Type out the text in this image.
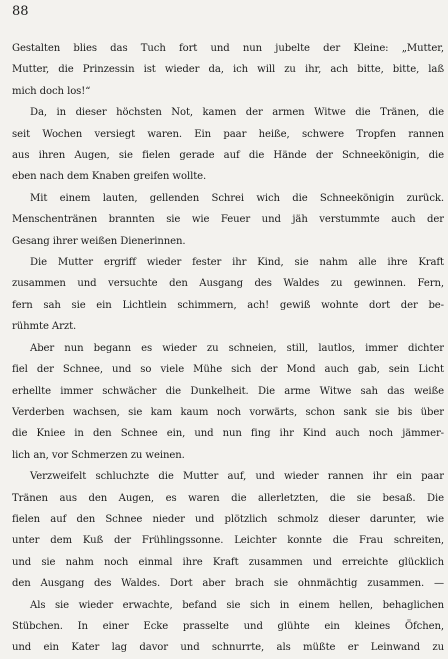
88
Gestalten blies das Tuch fort und nun jubelte der Kleine: „Mutter,
Mutter, die Prinzessin ist wieder da, ich will zu ihr, ach bitte, bitte, laß
mich doch los!“
Da, in dieser höchsten Not, kamen der armen Witwe die Tränen, die
seit Wochen versiegt waren. Ein paar heiße, schwere Tropfen rannen
aus ihren Augen, sie fielen gerade auf die Hände der Schneekönigin, die
eben nach dem Knaben greifen wollte.
Mit einem lauten, gellenden Schrei wich die Schneekönigin zurück.
Menschentränen brannten sie wie Feuer und jäh verstummte auch der
Gesang ihrer weißen Dienerinnen.
Die Mutter ergriff wieder fester ihr Kind, sie nahm alle ihre Kraft
zusammen und versuchte den Ausgang des Waldes zu gewinnen. Fern,
fern sah sie ein Lichtlein schimmern, ach! gewiß wohnte dort der be-
rühmte Arzt.
Aber nun begann es wieder zu schneien, still, lautlos, immer dichter
fiel der Schnee, und so viele Mühe sich der Mond auch gab, sein Licht
erhellte immer schwächer die Dunkelheit. Die arme Witwe sah das weiße
Verderben wachsen, sie kam kaum noch vorwärts, schon sank sie bis über
die Kniee in den Schnee ein, und nun fing ihr Kind auch noch jämmer-
lich an, vor Schmerzen zu weinen.
Verzweifelt schluchzte die Mutter auf, und wieder rannen ihr ein paar
Tränen aus den Augen, es waren die allerletzten, die sie besaß. Die
fielen auf den Schnee nieder und plötzlich schmolz dieser darunter, wie
unter dem Kuß der Frühlingssonne. Leichter konnte die Frau schreiten,
und sie nahm noch einmal ihre Kraft zusammen und erreichte glücklich
den Ausgang des Waldes. Dort aber brach sie ohnmächtig zusammen. —
Als sie wieder erwachte, befand sie sich in einem hellen, behaglichen
Stübchen. In einer Ecke prasselte und glühte ein kleines Öfchen,
und ein Kater lag davor und schnurrte, als müßte er Leinwand zu
